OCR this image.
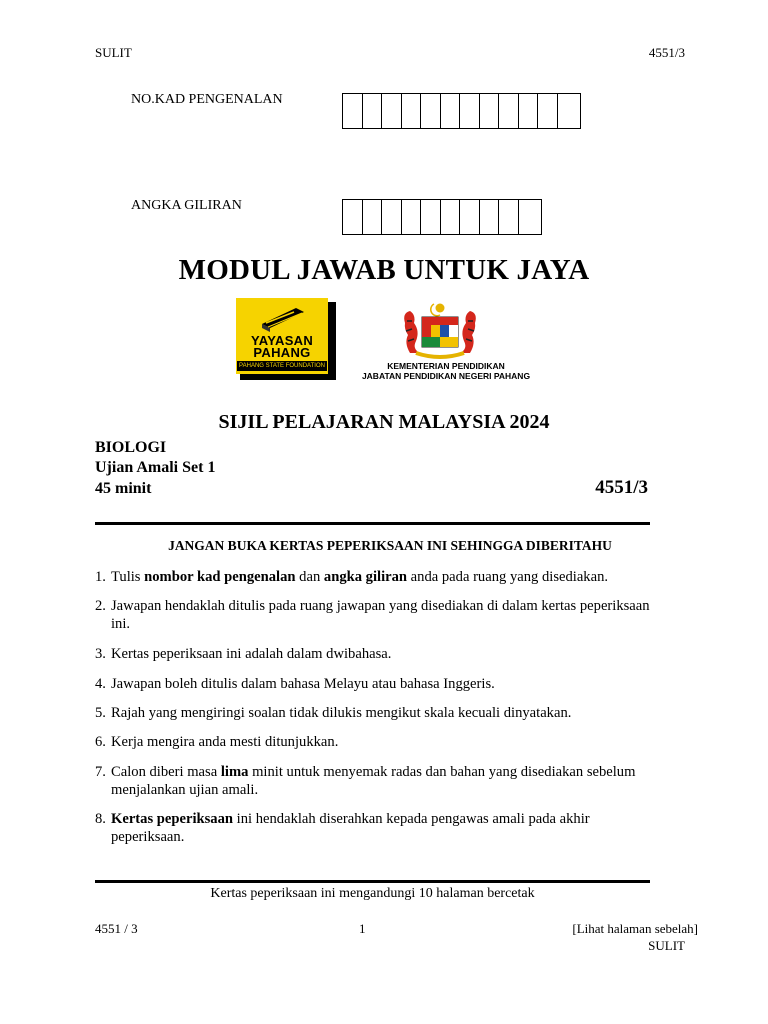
SULIT	4551/3
NO.KAD PENGENALAN
ANGKA GILIRAN
MODUL JAWAB UNTUK JAYA
YAYASAN
PAHANG
PAHANG STATE FOUNDATION	KEMENTERIAN PENDIDIKAN
JABATAN PENDIDIKAN NEGERI PAHANG
SIJIL PELAJARAN MALAYSIA 2024
BIOLOGI
Ujian Amali Set 1
45 minit	4551/3
JANGAN BUKA KERTAS PEPERIKSAAN INI SEHINGGA DIBERITAHU
1. Tulis nombor kad pengenalan dan angka giliran anda pada ruang yang disediakan.
2. Jawapan hendaklah ditulis pada ruang jawapan yang disediakan di dalam kertas peperiksaan
ini.
3. Kertas peperiksaan ini adalah dalam dwibahasa.
4. Jawapan boleh ditulis dalam bahasa Melayu atau bahasa Inggeris.
5. Rajah yang mengiringi soalan tidak dilukis mengikut skala kecuali dinyatakan.
6. Kerja mengira anda mesti ditunjukkan.
7. Calon diberi masa lima minit untuk menyemak radas dan bahan yang disediakan sebelum
menjalankan ujian amali.
8. Kertas peperiksaan ini hendaklah diserahkan kepada pengawas amali pada akhir
peperiksaan.
Kertas peperiksaan ini mengandungi 10 halaman bercetak
4551 / 3	1	[Lihat halaman sebelah]
SULIT
